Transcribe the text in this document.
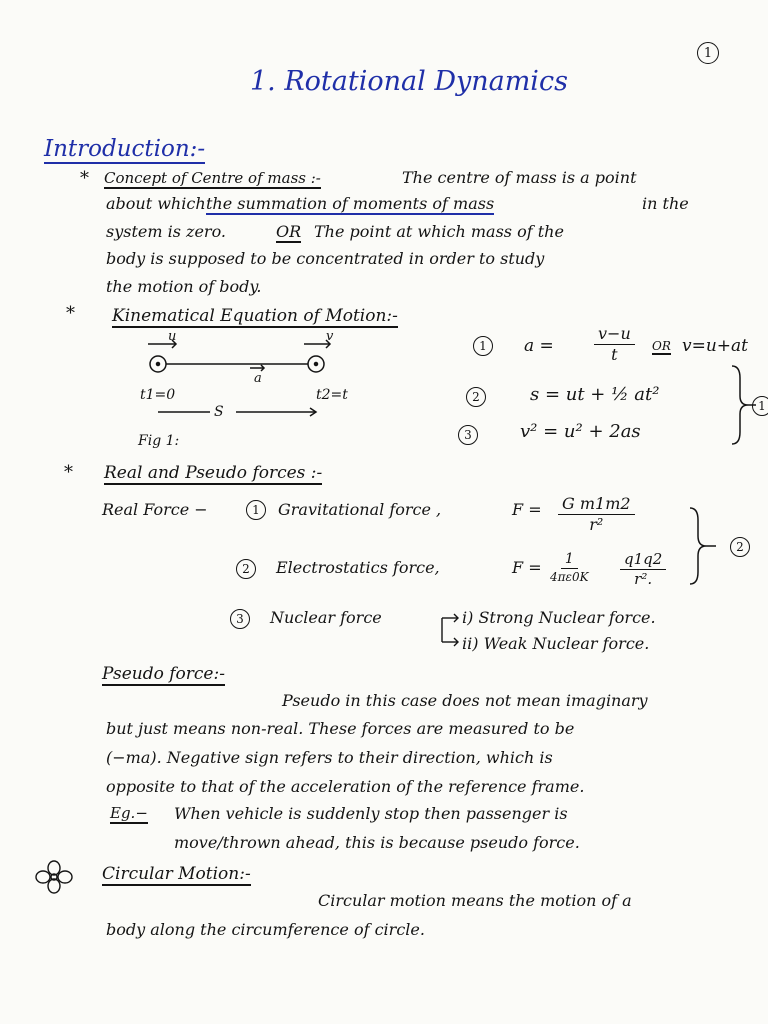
1
1. Rotational Dynamics
Introduction:-
* Concept of Centre of mass :-	The centre of mass is a point
about which the summation of moments of mass	in the
system is zero.	OR The point at which mass of the
body is supposed to be concentrated in order to study
the motion of body.
* Kinematical Equation of Motion:-
u	v
a
t1=0	t2=t
S
Fig 1:
1	a =	$\frac{v-u}{t}$ OR v=u+at
2	s = ut + ½ at²
3	v² = u² + 2as
1
* Real and Pseudo forces :-
Real Force −	1	Gravitational force ,	$F = \frac{\text{G m1m2}}{\text{r²}}$
2	Electrostatics force,	$F = \frac{1}{4\pi\varepsilon 0K} \frac{q1q2}{\text{r².}}$
2
3	Nuclear force	i) Strong Nuclear force.
ii) Weak Nuclear force.
Pseudo force:-
Pseudo in this case does not mean imaginary
but just means non-real. These forces are measured to be
(−ma). Negative sign refers to their direction, which is
opposite to that of the acceleration of the reference frame.
Eg.− When vehicle is suddenly stop then passenger is
move/thrown ahead, this is because pseudo force.
Circular Motion:-
Circular motion means the motion of a
body along the circumference of circle.
